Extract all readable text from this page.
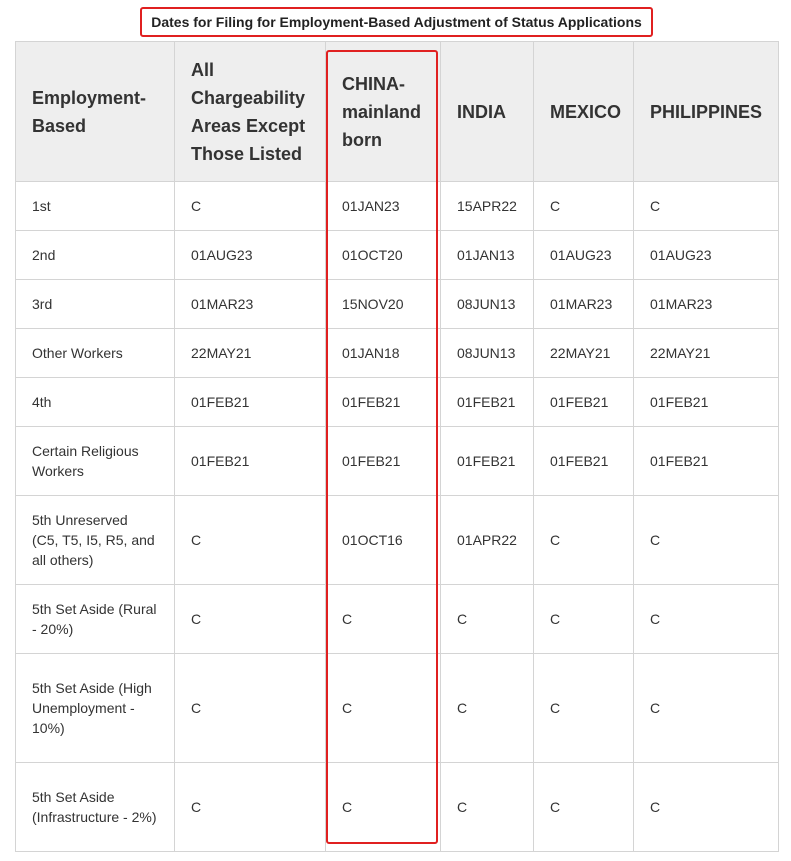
Dates for Filing for Employment-Based Adjustment of Status Applications
Employment-Based	All Chargeability Areas Except Those Listed	CHINA-mainland born	INDIA	MEXICO	PHILIPPINES
1st	C	01JAN23	15APR22	C	C
2nd	01AUG23	01OCT20	01JAN13	01AUG23	01AUG23
3rd	01MAR23	15NOV20	08JUN13	01MAR23	01MAR23
Other Workers	22MAY21	01JAN18	08JUN13	22MAY21	22MAY21
4th	01FEB21	01FEB21	01FEB21	01FEB21	01FEB21
Certain Religious Workers	01FEB21	01FEB21	01FEB21	01FEB21	01FEB21
5th Unreserved (C5, T5, I5, R5, and all others)	C	01OCT16	01APR22	C	C
5th Set Aside (Rural - 20%)	C	C	C	C	C
5th Set Aside (High Unemployment - 10%)	C	C	C	C	C
5th Set Aside (Infrastructure - 2%)	C	C	C	C	C
